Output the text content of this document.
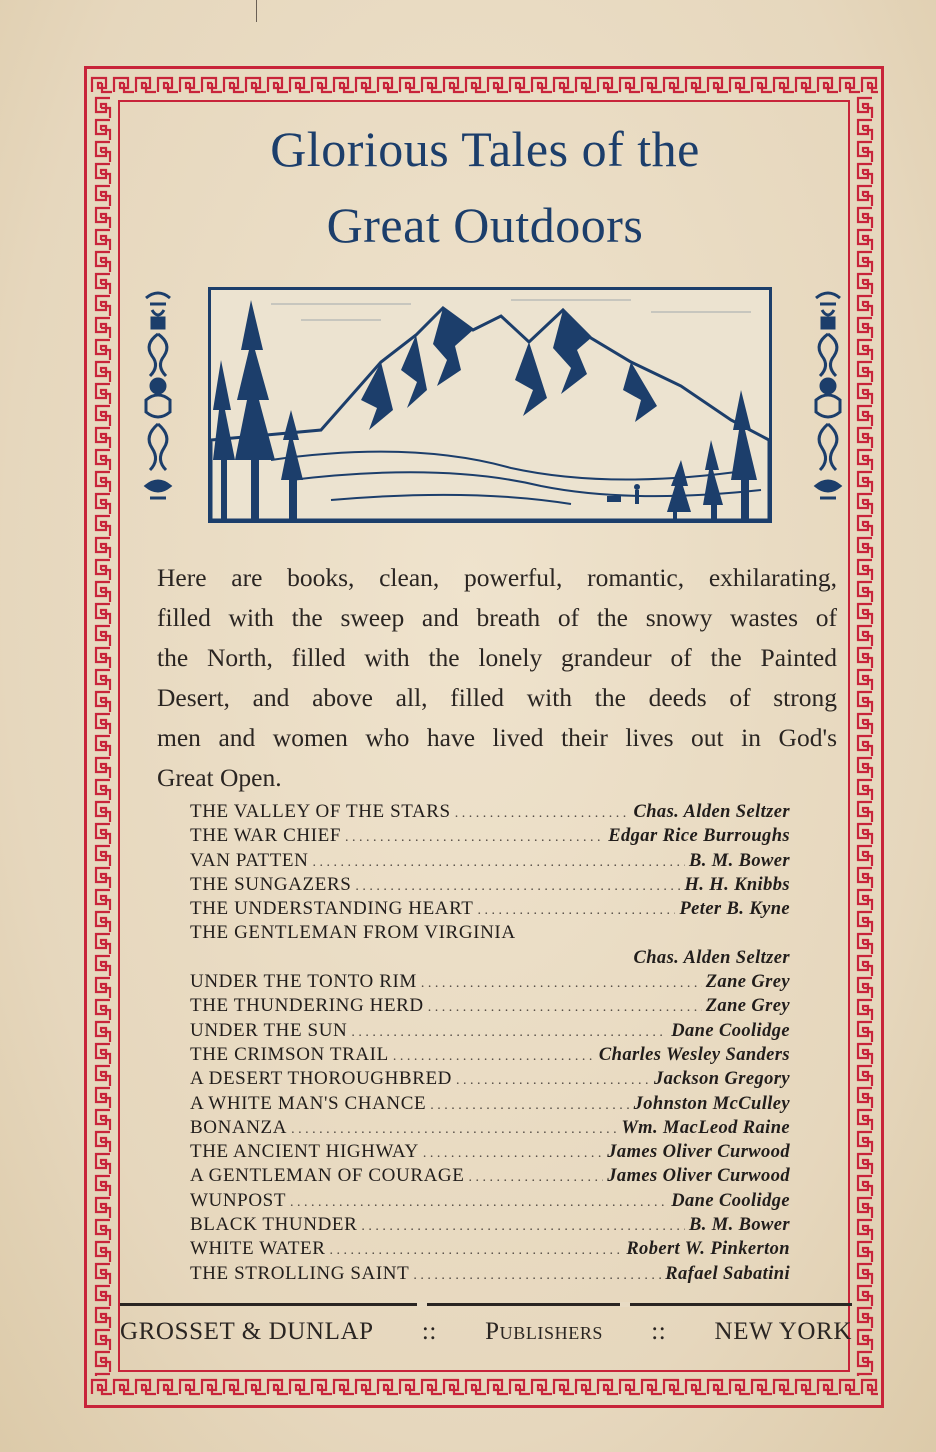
Glorious Tales of the
Great Outdoors
Here are books, clean, powerful, romantic, exhilarating,
filled with the sweep and breath of the snowy wastes of
the North, filled with the lonely grandeur of the Painted
Desert, and above all, filled with the deeds of strong
men and women who have lived their lives out in God's
Great Open.
THE VALLEY OF THE STARS . . .	Chas. Alden Seltzer
THE WAR CHIEF . . .	Edgar Rice Burroughs
VAN PATTEN . . .	B. M. Bower
THE SUNGAZERS . . .	H. H. Knibbs
THE UNDERSTANDING HEART . . .	Peter B. Kyne
THE GENTLEMAN FROM VIRGINIA
Chas. Alden Seltzer
UNDER THE TONTO RIM . . .	Zane Grey
THE THUNDERING HERD . . .	Zane Grey
UNDER THE SUN . . .	Dane Coolidge
THE CRIMSON TRAIL . . .	Charles Wesley Sanders
A DESERT THOROUGHBRED . . .	Jackson Gregory
A WHITE MAN'S CHANCE . . .	Johnston McCulley
BONANZA . . .	Wm. MacLeod Raine
THE ANCIENT HIGHWAY . . .	James Oliver Curwood
A GENTLEMAN OF COURAGE . . .	James Oliver Curwood
WUNPOST . . .	Dane Coolidge
BLACK THUNDER . . .	B. M. Bower
WHITE WATER . . .	Robert W. Pinkerton
THE STROLLING SAINT . . .	Rafael Sabatini
GROSSET & DUNLAP :: Publishers :: NEW YORK
